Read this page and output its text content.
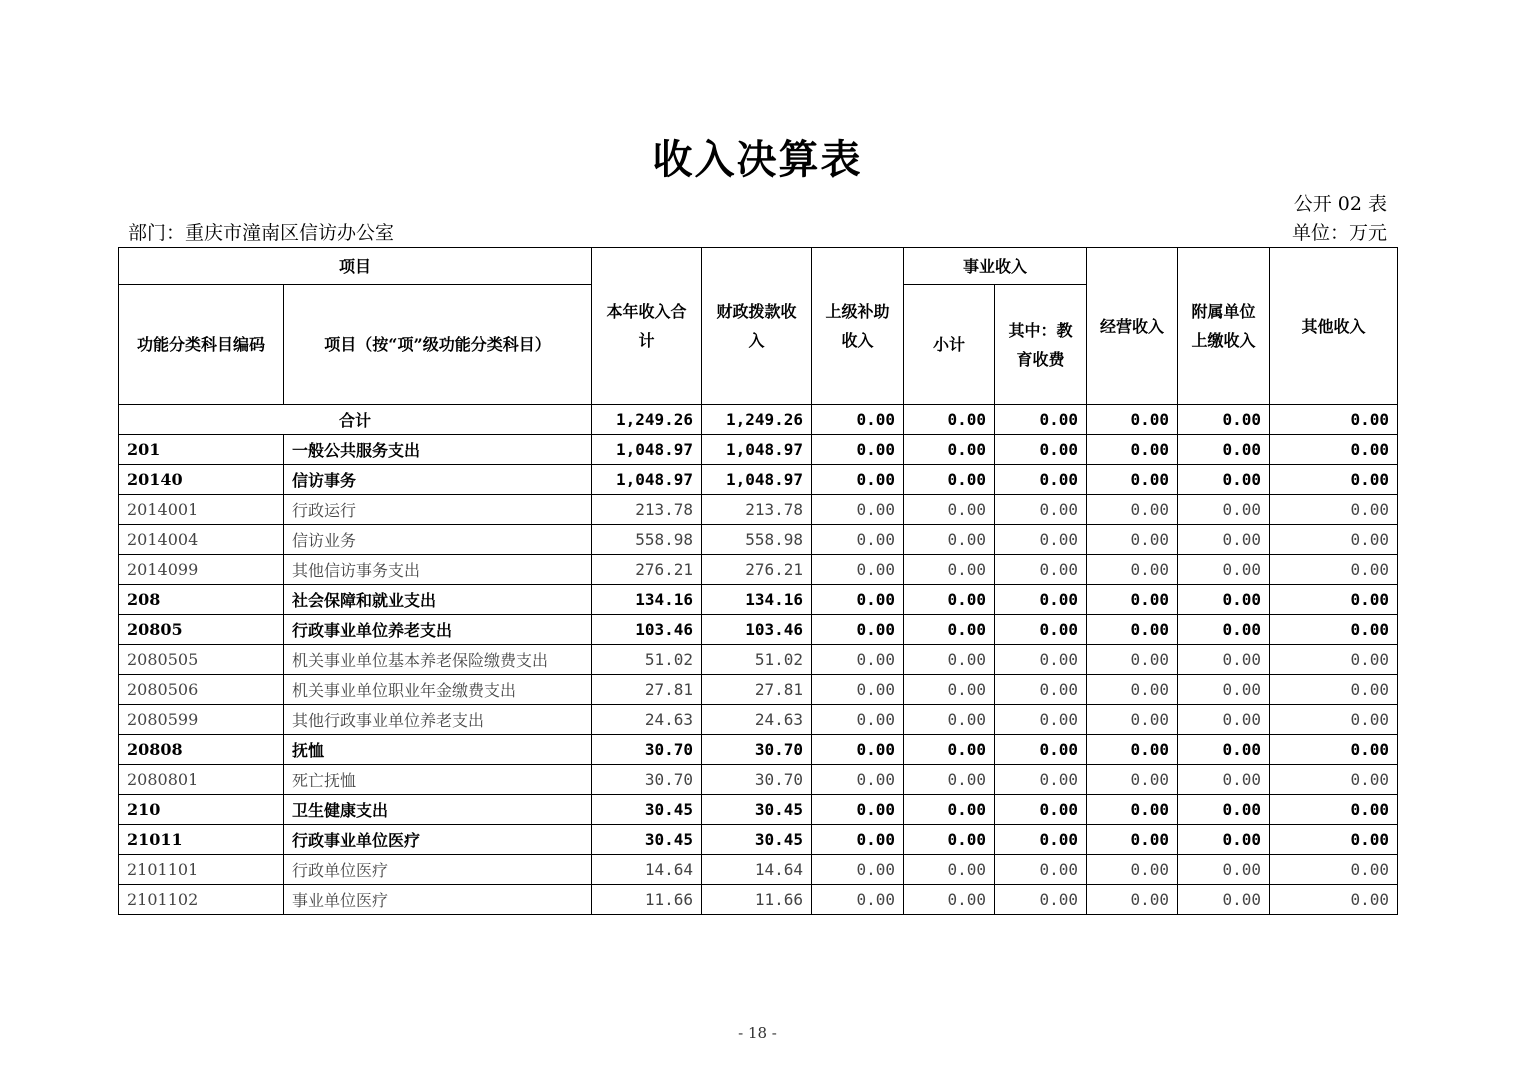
收入决算表
公开 02 表
部门：重庆市潼南区信访办公室	单位：万元
项目		本年收入合计	财政拨款收入	上级补助收入	事业收入		经营收入	附属单位上缴收入	其他收入
功能分类科目编码	项目（按“项”级功能分类科目）				小计	其中：教育收费			
合计		1,249.26	1,249.26	0.00	0.00	0.00	0.00	0.00	0.00
201	一般公共服务支出	1,048.97	1,048.97	0.00	0.00	0.00	0.00	0.00	0.00
20140	信访事务	1,048.97	1,048.97	0.00	0.00	0.00	0.00	0.00	0.00
2014001	行政运行	213.78	213.78	0.00	0.00	0.00	0.00	0.00	0.00
2014004	信访业务	558.98	558.98	0.00	0.00	0.00	0.00	0.00	0.00
2014099	其他信访事务支出	276.21	276.21	0.00	0.00	0.00	0.00	0.00	0.00
208	社会保障和就业支出	134.16	134.16	0.00	0.00	0.00	0.00	0.00	0.00
20805	行政事业单位养老支出	103.46	103.46	0.00	0.00	0.00	0.00	0.00	0.00
2080505	机关事业单位基本养老保险缴费支出	51.02	51.02	0.00	0.00	0.00	0.00	0.00	0.00
2080506	机关事业单位职业年金缴费支出	27.81	27.81	0.00	0.00	0.00	0.00	0.00	0.00
2080599	其他行政事业单位养老支出	24.63	24.63	0.00	0.00	0.00	0.00	0.00	0.00
20808	抚恤	30.70	30.70	0.00	0.00	0.00	0.00	0.00	0.00
2080801	死亡抚恤	30.70	30.70	0.00	0.00	0.00	0.00	0.00	0.00
210	卫生健康支出	30.45	30.45	0.00	0.00	0.00	0.00	0.00	0.00
21011	行政事业单位医疗	30.45	30.45	0.00	0.00	0.00	0.00	0.00	0.00
2101101	行政单位医疗	14.64	14.64	0.00	0.00	0.00	0.00	0.00	0.00
2101102	事业单位医疗	11.66	11.66	0.00	0.00	0.00	0.00	0.00	0.00
- 18 -
